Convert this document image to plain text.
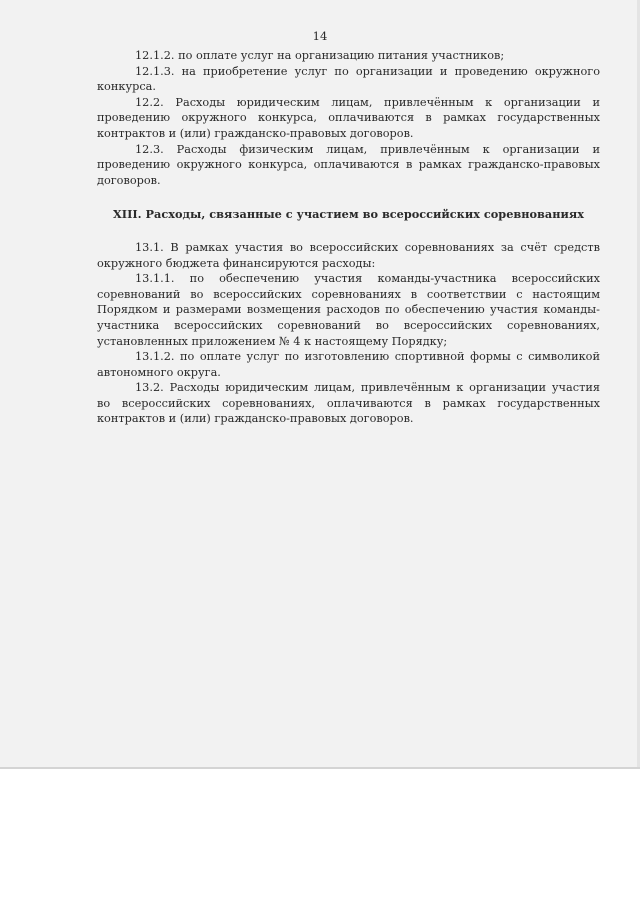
14

12.1.2. по оплате услуг на организацию питания участников;

12.1.3. на приобретение услуг по организации и проведению окружного конкурса.

12.2. Расходы юридическим лицам, привлечённым к организации и проведению окружного конкурса, оплачиваются в рамках государственных контрактов и (или) гражданско-правовых договоров.

12.3. Расходы физическим лицам, привлечённым к организации и проведению окружного конкурса, оплачиваются в рамках гражданско-правовых договоров.

XIII. Расходы, связанные с участием во всероссийских соревнованиях

13.1. В рамках участия во всероссийских соревнованиях за счёт средств окружного бюджета финансируются расходы:

13.1.1. по обеспечению участия команды-участника всероссийских соревнований во всероссийских соревнованиях в соответствии с настоящим Порядком и размерами возмещения расходов по обеспечению участия команды-участника всероссийских соревнований во всероссийских соревнованиях, установленных приложением № 4 к настоящему Порядку;

13.1.2. по оплате услуг по изготовлению спортивной формы с символикой автономного округа.

13.2. Расходы юридическим лицам, привлечённым к организации участия во всероссийских соревнованиях, оплачиваются в рамках государственных контрактов и (или) гражданско-правовых договоров.
